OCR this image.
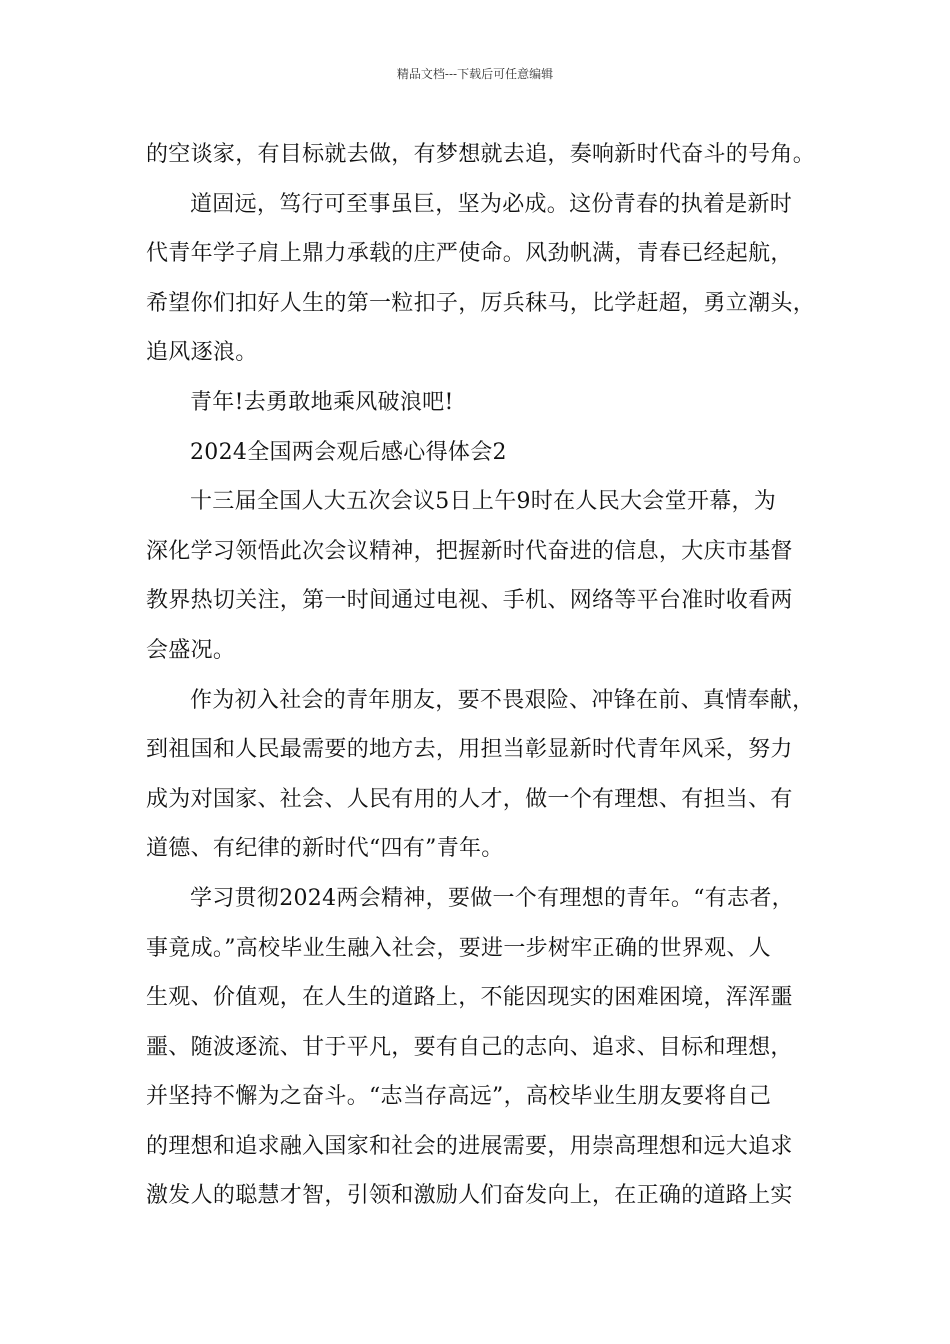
精品文档---下载后可任意编辑
的空谈家，有目标就去做，有梦想就去追，奏响新时代奋斗的号角。
道固远，笃行可至事虽巨，坚为必成。这份青春的执着是新时
代青年学子肩上鼎力承载的庄严使命。风劲帆满，青春已经起航，
希望你们扣好人生的第一粒扣子，厉兵秣马，比学赶超，勇立潮头，
追风逐浪。
青年!去勇敢地乘风破浪吧!
2024全国两会观后感心得体会2
十三届全国人大五次会议5日上午9时在人民大会堂开幕，为
深化学习领悟此次会议精神，把握新时代奋进的信息，大庆市基督
教界热切关注，第一时间通过电视、手机、网络等平台准时收看两
会盛况。
作为初入社会的青年朋友，要不畏艰险、冲锋在前、真情奉献，
到祖国和人民最需要的地方去，用担当彰显新时代青年风采，努力
成为对国家、社会、人民有用的人才，做一个有理想、有担当、有
道德、有纪律的新时代“四有”青年。
学习贯彻2024两会精神，要做一个有理想的青年。“有志者，
事竟成。”高校毕业生融入社会，要进一步树牢正确的世界观、人
生观、价值观，在人生的道路上，不能因现实的困难困境，浑浑噩
噩、随波逐流、甘于平凡，要有自己的志向、追求、目标和理想，
并坚持不懈为之奋斗。“志当存高远”，高校毕业生朋友要将自己
的理想和追求融入国家和社会的进展需要，用崇高理想和远大追求
激发人的聪慧才智，引领和激励人们奋发向上，在正确的道路上实
